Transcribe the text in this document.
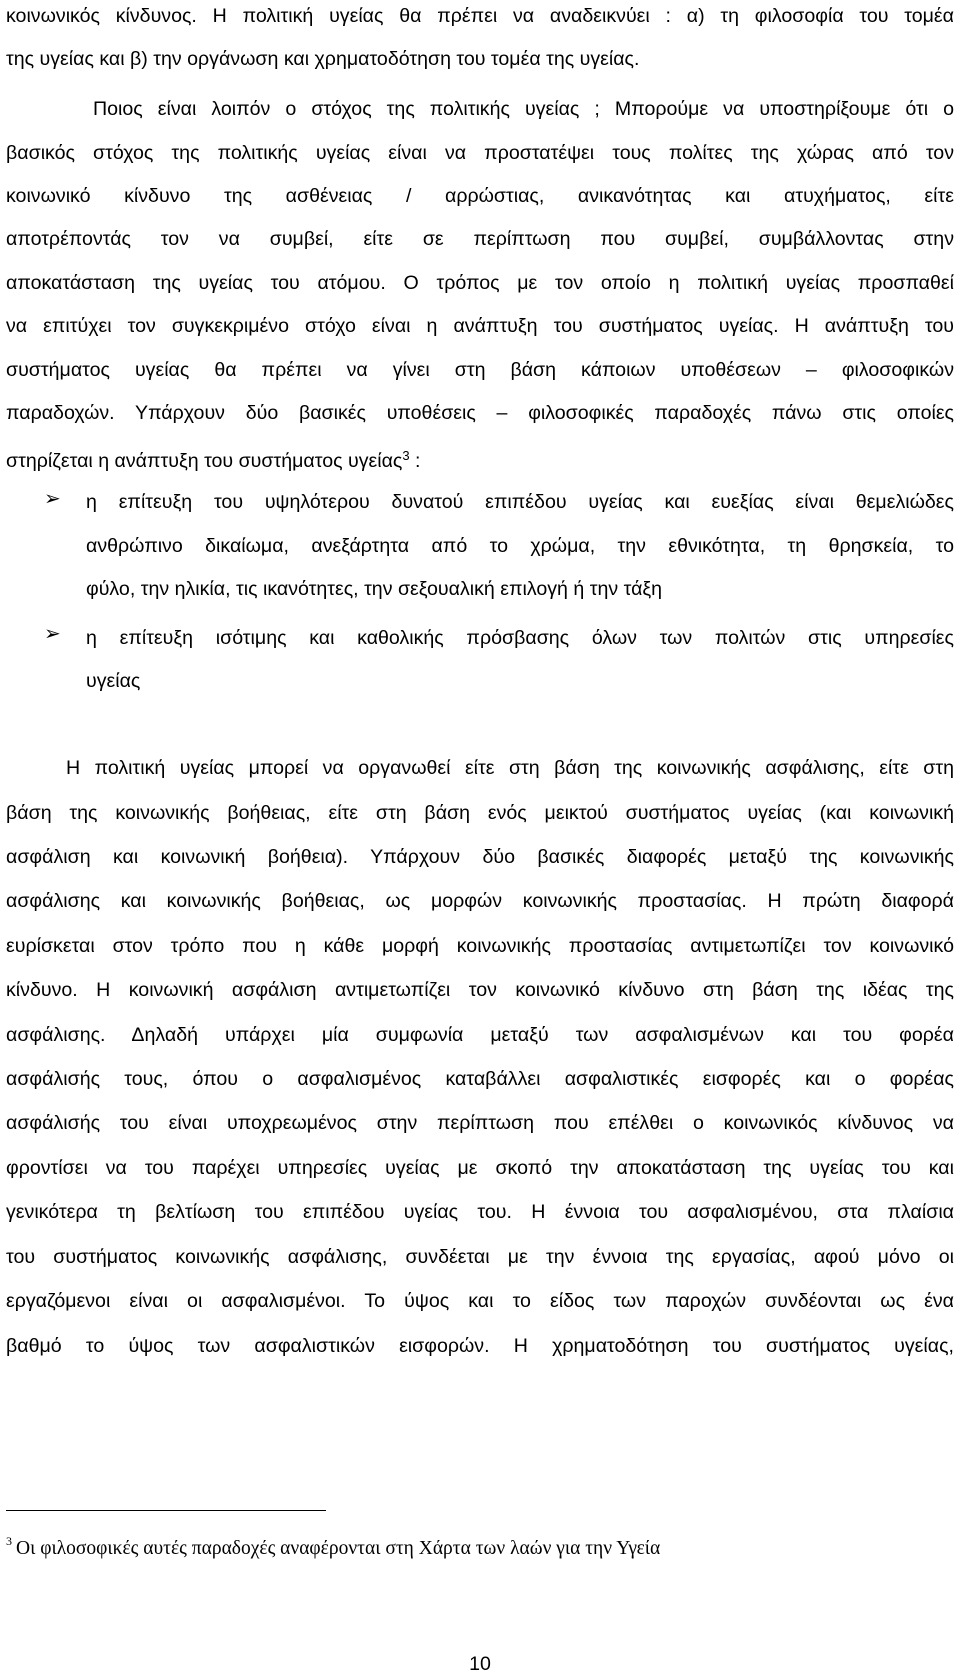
κοινωνικός κίνδυνος. Η πολιτική υγείας θα πρέπει να αναδεικνύει : α) τη φιλοσοφία του τομέα
της υγείας και β) την οργάνωση και χρηματοδότηση του τομέα της υγείας.
Ποιος είναι λοιπόν ο στόχος της πολιτικής υγείας ; Μπορούμε να υποστηρίξουμε ότι ο
βασικός στόχος της πολιτικής υγείας είναι να προστατέψει τους πολίτες της χώρας από τον
κοινωνικό κίνδυνο της ασθένειας / αρρώστιας, ανικανότητας και ατυχήματος, είτε
αποτρέποντάς τον να συμβεί, είτε σε περίπτωση που συμβεί, συμβάλλοντας στην
αποκατάσταση της υγείας του ατόμου. Ο τρόπος με τον οποίο η πολιτική υγείας προσπαθεί
να επιτύχει τον συγκεκριμένο στόχο είναι η ανάπτυξη του συστήματος υγείας. Η ανάπτυξη του
συστήματος υγείας θα πρέπει να γίνει στη βάση κάποιων υποθέσεων – φιλοσοφικών
παραδοχών. Υπάρχουν δύο βασικές υποθέσεις – φιλοσοφικές παραδοχές πάνω στις οποίες
στηρίζεται η ανάπτυξη του συστήματος υγείας$^3$ :
➢ η επίτευξη του υψηλότερου δυνατού επιπέδου υγείας και ευεξίας είναι θεμελιώδες
ανθρώπινο δικαίωμα, ανεξάρτητα από το χρώμα, την εθνικότητα, τη θρησκεία, το
φύλο, την ηλικία, τις ικανότητες, την σεξουαλική επιλογή ή την τάξη
➢ η επίτευξη ισότιμης και καθολικής πρόσβασης όλων των πολιτών στις υπηρεσίες
υγείας
Η πολιτική υγείας μπορεί να οργανωθεί είτε στη βάση της κοινωνικής ασφάλισης, είτε στη
βάση της κοινωνικής βοήθειας, είτε στη βάση ενός μεικτού συστήματος υγείας (και κοινωνική
ασφάλιση και κοινωνική βοήθεια). Υπάρχουν δύο βασικές διαφορές μεταξύ της κοινωνικής
ασφάλισης και κοινωνικής βοήθειας, ως μορφών κοινωνικής προστασίας. Η πρώτη διαφορά
ευρίσκεται στον τρόπο που η κάθε μορφή κοινωνικής προστασίας αντιμετωπίζει τον κοινωνικό
κίνδυνο. Η κοινωνική ασφάλιση αντιμετωπίζει τον κοινωνικό κίνδυνο στη βάση της ιδέας της
ασφάλισης. Δηλαδή υπάρχει μία συμφωνία μεταξύ των ασφαλισμένων και του φορέα
ασφάλισής τους, όπου ο ασφαλισμένος καταβάλλει ασφαλιστικές εισφορές και ο φορέας
ασφάλισής του είναι υποχρεωμένος στην περίπτωση που επέλθει ο κοινωνικός κίνδυνος να
φροντίσει να του παρέχει υπηρεσίες υγείας με σκοπό την αποκατάσταση της υγείας του και
γενικότερα τη βελτίωση του επιπέδου υγείας του. Η έννοια του ασφαλισμένου, στα πλαίσια
του συστήματος κοινωνικής ασφάλισης, συνδέεται με την έννοια της εργασίας, αφού μόνο οι
εργαζόμενοι είναι οι ασφαλισμένοι. Το ύψος και το είδος των παροχών συνδέονται ως ένα
βαθμό το ύψος των ασφαλιστικών εισφορών. Η χρηματοδότηση του συστήματος υγείας,
$^3$ Οι φιλοσοφικές αυτές παραδοχές αναφέρονται στη Χάρτα των λαών για την Υγεία
10
